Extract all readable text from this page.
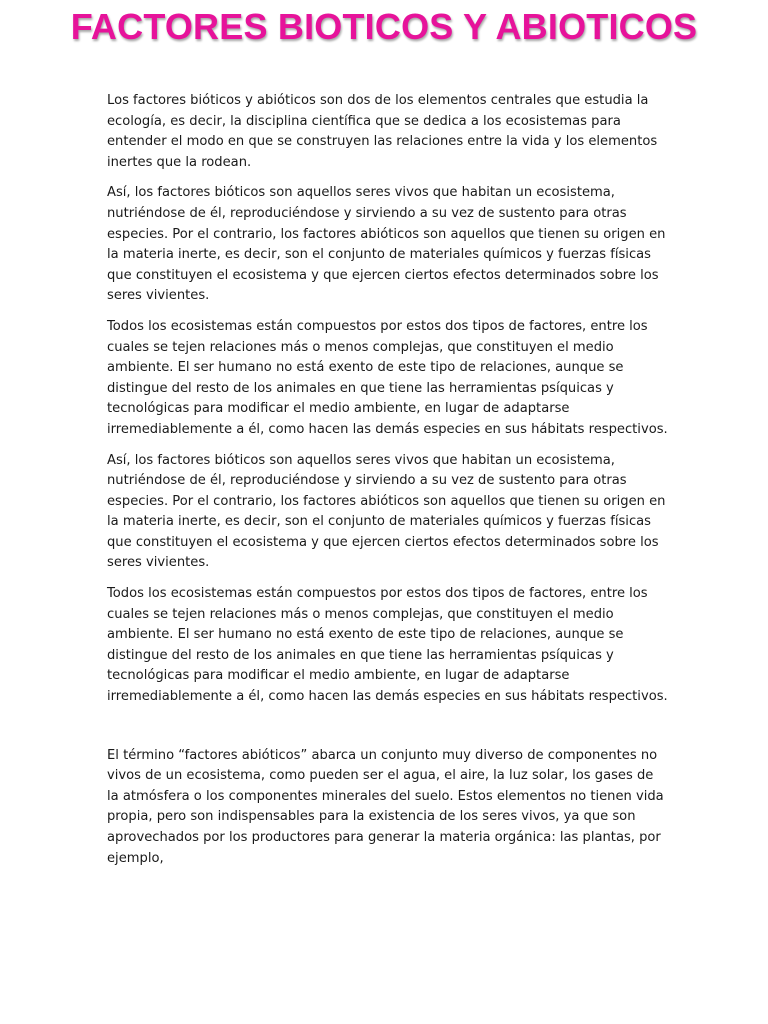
FACTORES BIOTICOS Y ABIOTICOS

Los factores bióticos y abióticos son dos de los elementos centrales que estudia la ecología, es decir, la disciplina científica que se dedica a los ecosistemas para entender el modo en que se construyen las relaciones entre la vida y los elementos inertes que la rodean.

Así, los factores bióticos son aquellos seres vivos que habitan un ecosistema, nutriéndose de él, reproduciéndose y sirviendo a su vez de sustento para otras especies. Por el contrario, los factores abióticos son aquellos que tienen su origen en la materia inerte, es decir, son el conjunto de materiales químicos y fuerzas físicas que constituyen el ecosistema y que ejercen ciertos efectos determinados sobre los seres vivientes.

Todos los ecosistemas están compuestos por estos dos tipos de factores, entre los cuales se tejen relaciones más o menos complejas, que constituyen el medio ambiente. El ser humano no está exento de este tipo de relaciones, aunque se distingue del resto de los animales en que tiene las herramientas psíquicas y tecnológicas para modificar el medio ambiente, en lugar de adaptarse irremediablemente a él, como hacen las demás especies en sus hábitats respectivos.

Así, los factores bióticos son aquellos seres vivos que habitan un ecosistema, nutriéndose de él, reproduciéndose y sirviendo a su vez de sustento para otras especies. Por el contrario, los factores abióticos son aquellos que tienen su origen en la materia inerte, es decir, son el conjunto de materiales químicos y fuerzas físicas que constituyen el ecosistema y que ejercen ciertos efectos determinados sobre los seres vivientes.

Todos los ecosistemas están compuestos por estos dos tipos de factores, entre los cuales se tejen relaciones más o menos complejas, que constituyen el medio ambiente. El ser humano no está exento de este tipo de relaciones, aunque se distingue del resto de los animales en que tiene las herramientas psíquicas y tecnológicas para modificar el medio ambiente, en lugar de adaptarse irremediablemente a él, como hacen las demás especies en sus hábitats respectivos.

El término “factores abióticos” abarca un conjunto muy diverso de componentes no vivos de un ecosistema, como pueden ser el agua, el aire, la luz solar, los gases de la atmósfera o los componentes minerales del suelo. Estos elementos no tienen vida propia, pero son indispensables para la existencia de los seres vivos, ya que son aprovechados por los productores para generar la materia orgánica: las plantas, por ejemplo,
